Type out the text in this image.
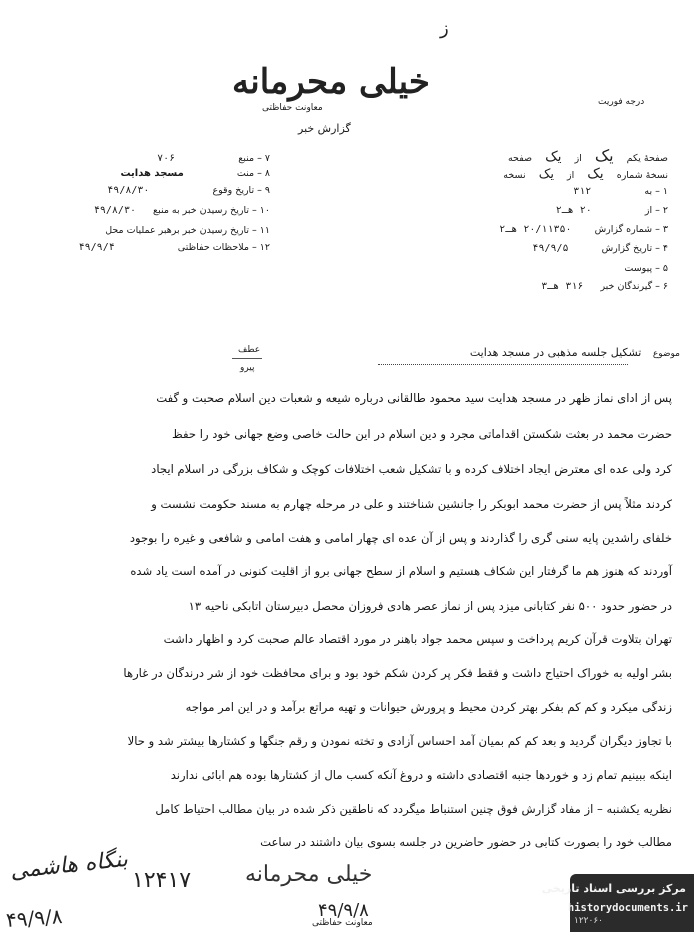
ز
خیلی محرمانه
معاونت حفاظتی
گزارش خبر
درجه فوریت
۷ – منبع ۷۰۶
۸ – منت مسجد هدایت
۹ – تاریخ وقوع ۴۹/۸/۳۰
۱۰ – تاریخ رسیدن خبر به منبع ۴۹/۸/۳۰
۱۱ – تاریخ رسیدن خبر برهبر عملیات محل
۱۲ – ملاحظات حفاظتی ۴۹/۹/۴
صفحهٔ یکم یک از یک صفحه
نسخهٔ شماره یک از یک نسخه
۱ – به ۳۱۲
۲ – از ۲۰ هـ۲
۳ – شماره گزارش ۲۰/۱۱۳۵۰ هـ۲
۴ – تاریخ گزارش ۴۹/۹/۵
۵ – پیوست
۶ – گیرندگان خبر ۳۱۶ هـ۳
عطف
پیرو
موضوع تشکیل جلسه مذهبی در مسجد هدایت
پس از ادای نماز ظهر در مسجد هدایت سید محمود طالقانی درباره شیعه و شعبات دین اسلام صحبت و گفت
حضرت محمد در بعثت شکستن اقداماتی مجرد و دین اسلام در این حالت خاصی وضع جهانی خود را حفظ
کرد ولی عده ای معترض ایجاد اختلاف کرده و با تشکیل شعب اختلافات کوچک و شکاف بزرگی در اسلام ایجاد
کردند مثلاً پس از حضرت محمد ابوبکر را جانشین شناختند و علی در مرحله چهارم به مسند حکومت نشست و
خلفای راشدین پایه سنی گری را گذاردند و پس از آن عده ای چهار امامی و هفت امامی و شافعی و غیره را بوجود
آوردند که هنوز هم ما گرفتار این شکاف هستیم و اسلام از سطح جهانی برو از اقلیت کنونی در آمده است یاد شده
در حضور حدود ۵۰۰ نفر کتابانی میزد پس از نماز عصر هادی فروزان محصل دبیرستان اتابکی ناحیه ۱۳
تهران بتلاوت قرآن کریم پرداخت و سپس محمد جواد باهنر در مورد اقتصاد عالم صحبت کرد و اظهار داشت
بشر اولیه به خوراک احتیاج داشت و فقط فکر پر کردن شکم خود بود و برای محافظت خود از شر درندگان در غارها
زندگی میکرد و کم کم بفکر بهتر کردن محیط و پرورش حیوانات و تهیه مراتع برآمد و در این امر مواجه
با تجاوز دیگران گردید و بعد کم کم بمیان آمد احساس آزادی و تخته نمودن و رقم جنگها و کشتارها بیشتر شد و حالا
اینکه ببینیم تمام زد و خوردها جنبه اقتصادی داشته و دروغ آنکه کسب مال از کشتارها بوده هم ابائی ندارند
نظریه یکشنبه – از مفاد گزارش فوق چنین استنباط میگردد که ناطقین ذکر شده در بیان مطالب احتیاط کامل
مطالب خود را بصورت کتابی در حضور حاضرین در جلسه بسوی بیان داشتند در ساعت
بنگاه هاشمی ۱۲۴۱۷ خیلی محرمانه
۴۹/۹/۸	۴۹/۹/۸
معاونت حفاظتی	۱۲۲۰۶۰
مرکز بررسی اسناد تاریخی
historydocuments.ir
